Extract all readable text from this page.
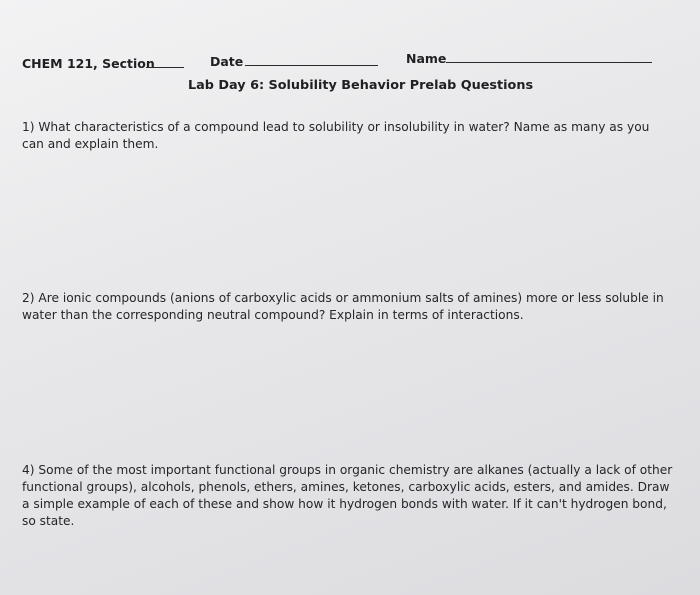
CHEM 121, Section	Date	Name
Lab Day 6: Solubility Behavior Prelab Questions
1) What characteristics of a compound lead to solubility or insolubility in water? Name as many as you can and explain them.
2) Are ionic compounds (anions of carboxylic acids or ammonium salts of amines) more or less soluble in water than the corresponding neutral compound? Explain in terms of interactions.
4) Some of the most important functional groups in organic chemistry are alkanes (actually a lack of other functional groups), alcohols, phenols, ethers, amines, ketones, carboxylic acids, esters, and amides. Draw a simple example of each of these and show how it hydrogen bonds with water. If it can't hydrogen bond, so state.
